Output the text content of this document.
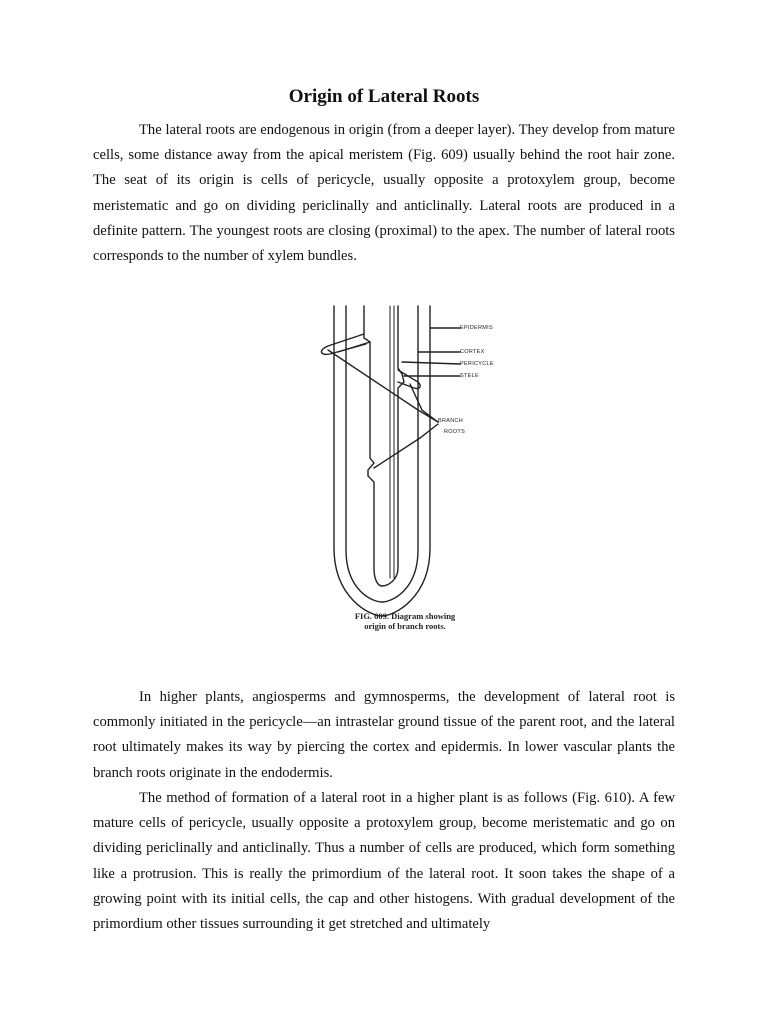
Origin of Lateral Roots

The lateral roots are endogenous in origin (from a deeper layer). They develop from mature cells, some distance away from the apical meristem (Fig. 609) usually behind the root hair zone. The seat of its origin is cells of pericycle, usually opposite a protoxylem group, become meristematic and go on dividing periclinally and anticlinally. Lateral roots are produced in a definite pattern. The youngest roots are closing (proximal) to the apex. The number of lateral roots corresponds to the number of xylem bundles.

EPIDERMIS
CORTEX
PERICYCLE
STELE
BRANCH
ROOTS
FIG. 609. Diagram showing
origin of branch roots.

In higher plants, angiosperms and gymnosperms, the development of lateral root is commonly initiated in the pericycle—an intrastelar ground tissue of the parent root, and the lateral root ultimately makes its way by piercing the cortex and epidermis. In lower vascular plants the branch roots originate in the endodermis.

The method of formation of a lateral root in a higher plant is as follows (Fig. 610). A few mature cells of pericycle, usually opposite a protoxylem group, become meristematic and go on dividing periclinally and anticlinally. Thus a number of cells are produced, which form something like a protrusion. This is really the primordium of the lateral root. It soon takes the shape of a growing point with its initial cells, the cap and other histogens. With gradual development of the primordium other tissues surrounding it get stretched and ultimately
